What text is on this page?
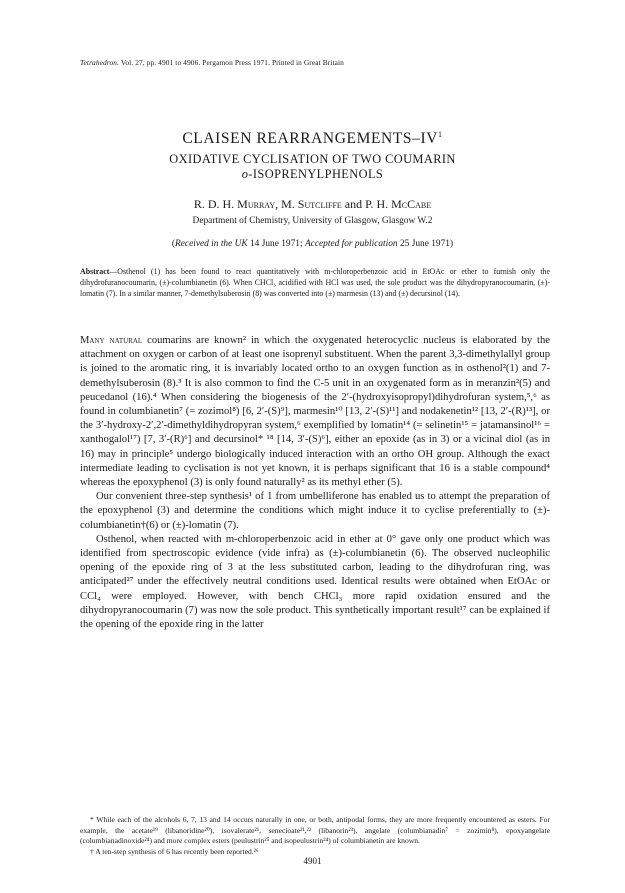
Tetrahedron. Vol. 27, pp. 4901 to 4906. Pergamon Press 1971. Printed in Great Britain
CLAISEN REARRANGEMENTS–$IV^1$
OXIDATIVE CYCLISATION OF TWO COUMARIN
o-ISOPRENYLPHENOLS
R. D. H. Murray, M. Sutcliffe and P. H. McCabe
Department of Chemistry, University of Glasgow, Glasgow W.2
(Received in the UK 14 June 1971; Accepted for publication 25 June 1971)
Abstract—Osthenol (1) has been found to react quantitatively with m-chloroperbenzoic acid in EtOAc or ether to furnish only the dihydrofuranocoumarin, (±)-columbianetin (6). When CHCl₃ acidified with HCl was used, the sole product was the dihydropyranocoumarin, (±)-lomatin (7). In a similar manner, 7-demethylsuberosin (8) was converted into (±) marmesin (13) and (±) decursinol (14).

Many natural coumarins are known² in which the oxygenated heterocyclic nucleus is elaborated by the attachment on oxygen or carbon of at least one isoprenyl substituent. When the parent 3,3-dimethylallyl group is joined to the aromatic ring, it is invariably located ortho to an oxygen function as in osthenol²(1) and 7-demethylsuberosin (8).³ It is also common to find the C-5 unit in an oxygenated form as in meranzin²(5) and peucedanol (16).⁴ When considering the biogenesis of the 2′-(hydroxyisopropyl)dihydrofuran system,⁵,⁶ as found in columbianetin⁷ (= zozimol⁸) [6, 2′-(S)⁹], marmesin¹⁰ [13, 2′-(S)¹¹] and nodakenetin¹² [13, 2′-(R)¹³], or the 3′-hydroxy-2′,2′-dimethyldihydropyran system,⁶ exemplified by lomatin¹⁴ (= selinetin¹⁵ = jatamansinol¹⁶ = xanthogalol¹⁷) [7, 3′-(R)⁶] and decursinol* ¹⁸ [14, 3′-(S)⁶], either an epoxide (as in 3) or a vicinal diol (as in 16) may in principle⁵ undergo biologically induced interaction with an ortho OH group. Although the exact intermediate leading to cyclisation is not yet known, it is perhaps significant that 16 is a stable compound⁴ whereas the epoxyphenol (3) is only found naturally² as its methyl ether (5).

Our convenient three-step synthesis¹ of 1 from umbelliferone has enabled us to attempt the preparation of the epoxyphenol (3) and determine the conditions which might induce it to cyclise preferentially to (±)-columbianetin†(6) or (±)-lomatin (7).

Osthenol, when reacted with m-chloroperbenzoic acid in ether at 0° gave only one product which was identified from spectroscopic evidence (vide infra) as (±)-columbianetin (6). The observed nucleophilic opening of the epoxide ring of 3 at the less substituted carbon, leading to the dihydrofuran ring, was anticipated²⁷ under the effectively neutral conditions used. Identical results were obtained when EtOAc or CCl₄ were employed. However, with bench CHCl₃ more rapid oxidation ensured and the dihydropyranocoumarin (7) was now the sole product. This synthetically important result¹⁷ can be explained if the opening of the epoxide ring in the latter

* While each of the alcohols 6, 7, 13 and 14 occurs naturally in one, or both, antipodal forms, they are more frequently encountered as esters. For example, the acetate¹⁹ (libanoridine²⁰), isovalerate²¹, senecioate²¹,²² (libanorin²³), angelate (columbianadin⁷ = zozimin⁸), epoxyangelate (columbianadinoxide²⁴) and more complex esters (peulustrin²⁵ and isopeulustrin²⁴) of columbianetin are known.

† A ten-step synthesis of 6 has recently been reported.²⁶

4901
